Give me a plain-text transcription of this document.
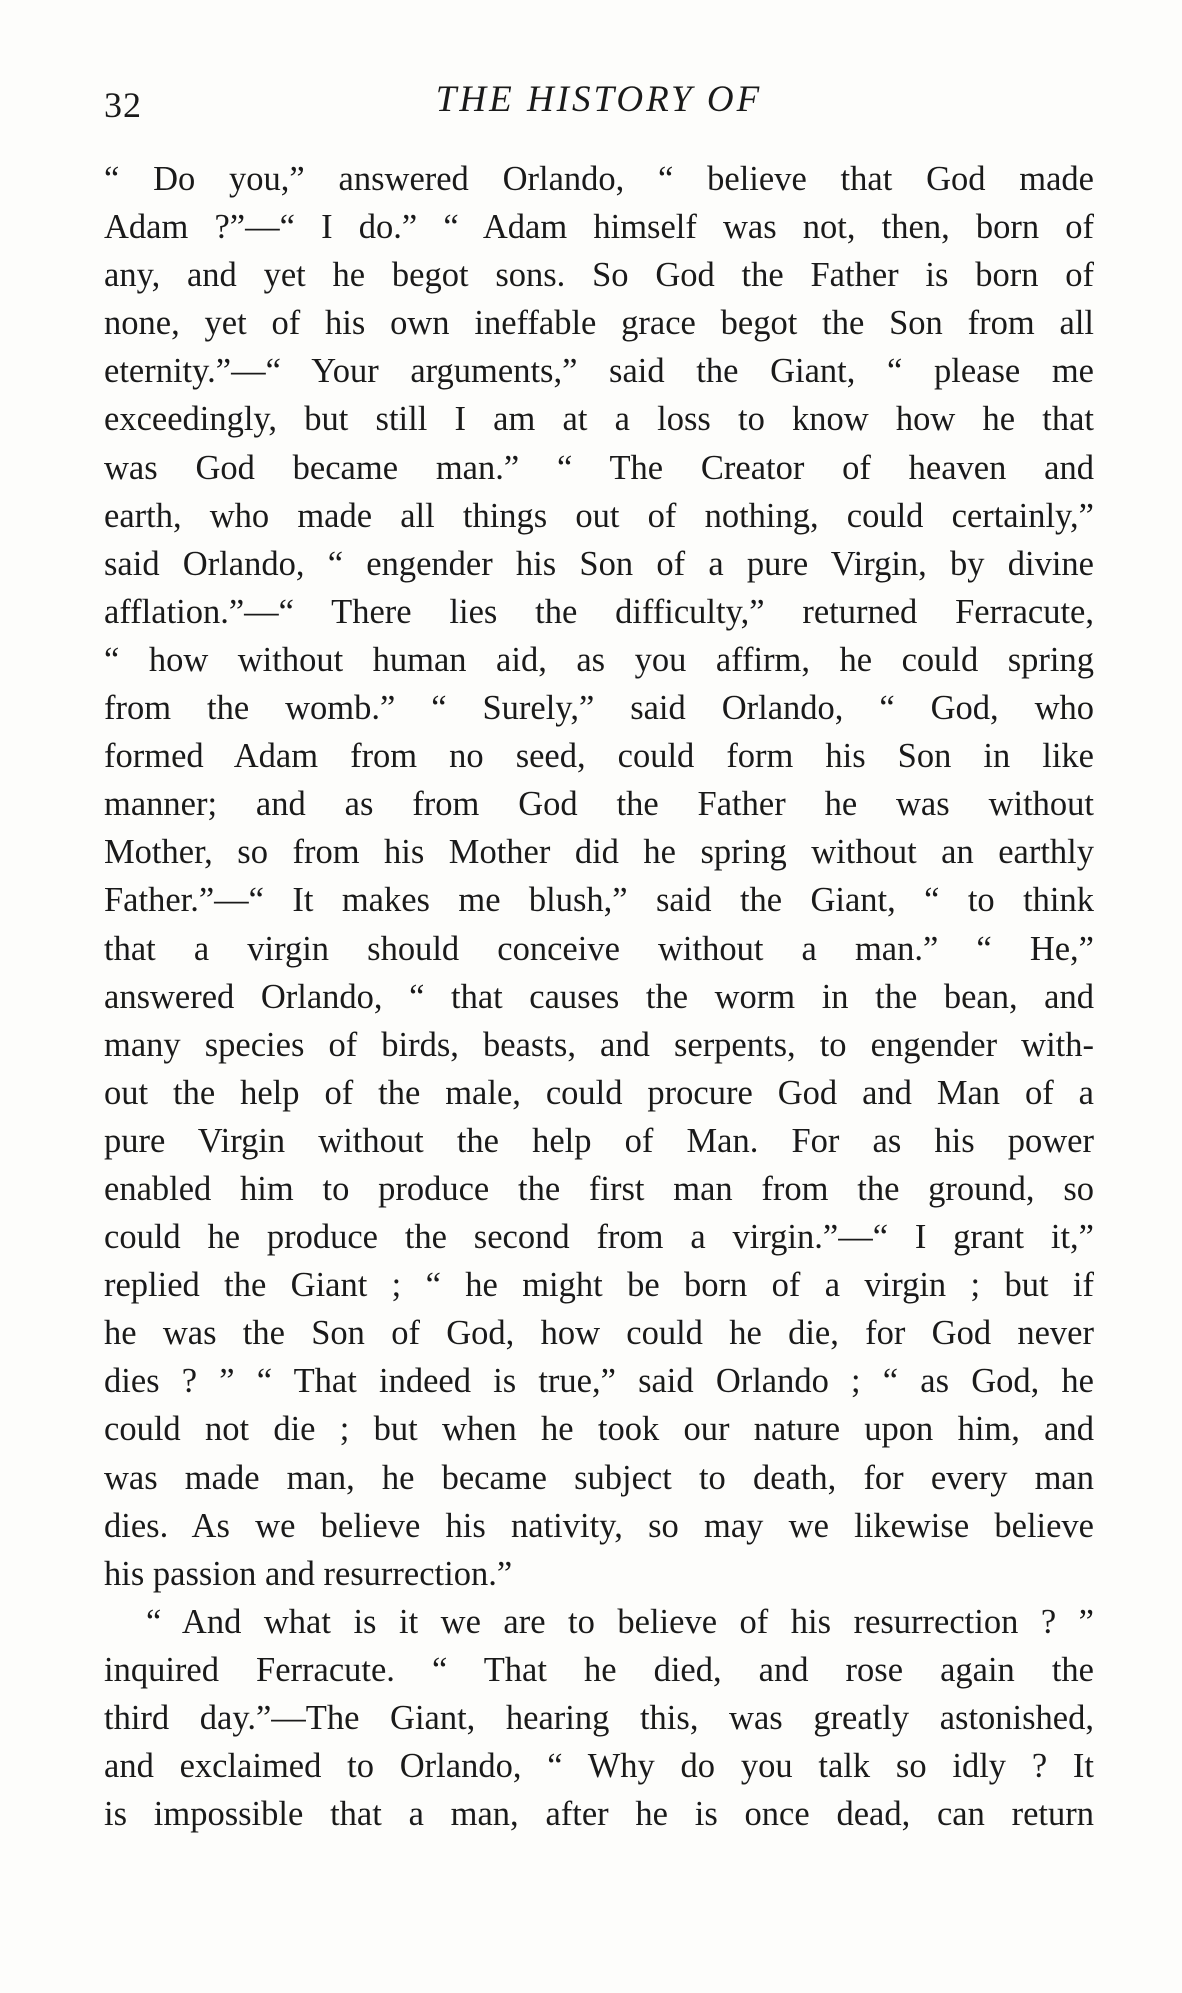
32	THE HISTORY OF
“ Do you,” answered Orlando, “ believe that God made
Adam ?”—“ I do.” “ Adam himself was not, then, born of
any, and yet he begot sons. So God the Father is born of
none, yet of his own ineffable grace begot the Son from all
eternity.”—“ Your arguments,” said the Giant, “ please me
exceedingly, but still I am at a loss to know how he that
was God became man.” “ The Creator of heaven and
earth, who made all things out of nothing, could certainly,”
said Orlando, “ engender his Son of a pure Virgin, by divine
afflation.”—“ There lies the difficulty,” returned Ferracute,
“ how without human aid, as you affirm, he could spring
from the womb.” “ Surely,” said Orlando, “ God, who
formed Adam from no seed, could form his Son in like
manner; and as from God the Father he was without
Mother, so from his Mother did he spring without an earthly
Father.”—“ It makes me blush,” said the Giant, “ to think
that a virgin should conceive without a man.” “ He,”
answered Orlando, “ that causes the worm in the bean, and
many species of birds, beasts, and serpents, to engender with-
out the help of the male, could procure God and Man of a
pure Virgin without the help of Man. For as his power
enabled him to produce the first man from the ground, so
could he produce the second from a virgin.”—“ I grant it,”
replied the Giant ; “ he might be born of a virgin ; but if
he was the Son of God, how could he die, for God never
dies ? ” “ That indeed is true,” said Orlando ; “ as God, he
could not die ; but when he took our nature upon him, and
was made man, he became subject to death, for every man
dies. As we believe his nativity, so may we likewise believe
his passion and resurrection.”
“ And what is it we are to believe of his resurrection ? ”
inquired Ferracute. “ That he died, and rose again the
third day.”—The Giant, hearing this, was greatly astonished,
and exclaimed to Orlando, “ Why do you talk so idly ? It
is impossible that a man, after he is once dead, can return
